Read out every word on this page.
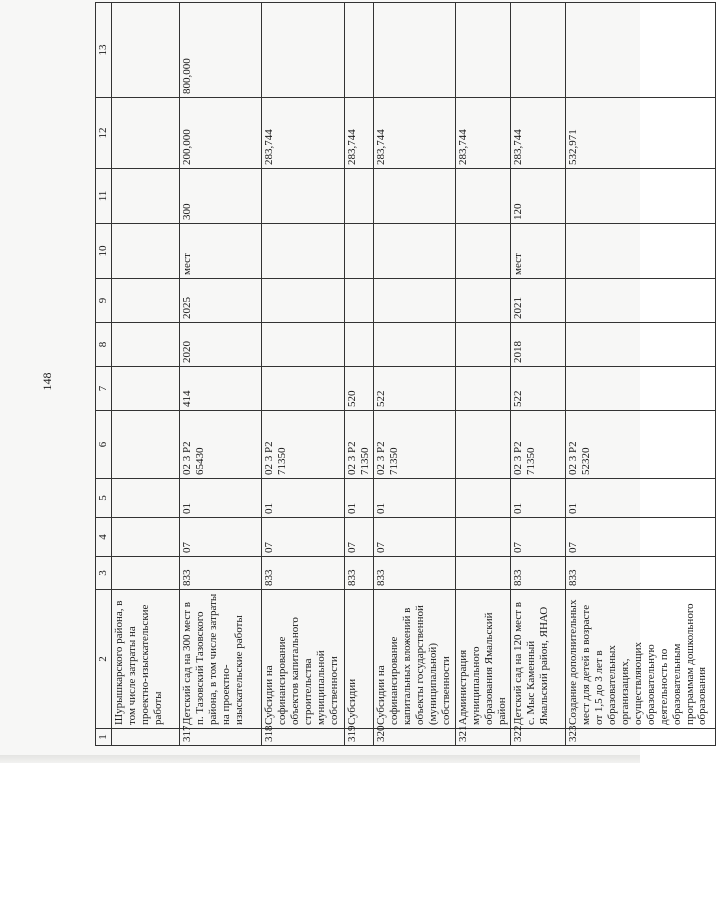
148
1	2	3	4	5	6	7	8	9	10	11	12	13
	Шурышкарского района, в том числе затраты на проектно-изыскательские работы											
317	Детский сад на 300 мест в п. Тазовский Тазовского района, в том числе затраты на проектно-изыскательские работы	833	07	01	02 3 P2 65430	414	2020	2025	мест	300	200,000	800,000
318	Субсидии на софинансирование объектов капитального строительства муниципальной собственности	833	07	01	02 3 P2 71350						283,744	
319	Субсидии	833	07	01	02 3 P2 71350	520					283,744	
320	Субсидии на софинансирование капитальных вложений в объекты государственной (муниципальной) собственности	833	07	01	02 3 P2 71350	522					283,744	
321	Администрация муниципального образования Ямальский район										283,744	
322	Детский сад на 120 мест в с. Мыс Каменный Ямальский район, ЯНАО	833	07	01	02 3 P2 71350	522	2018	2021	мест	120	283,744	
323	Создание дополнительных мест для детей в возрасте от 1,5 до 3 лет в образовательных организациях, осуществляющих образовательную деятельность по образовательным программам дошкольного образования	833	07	01	02 3 P2 52320						532,971	
